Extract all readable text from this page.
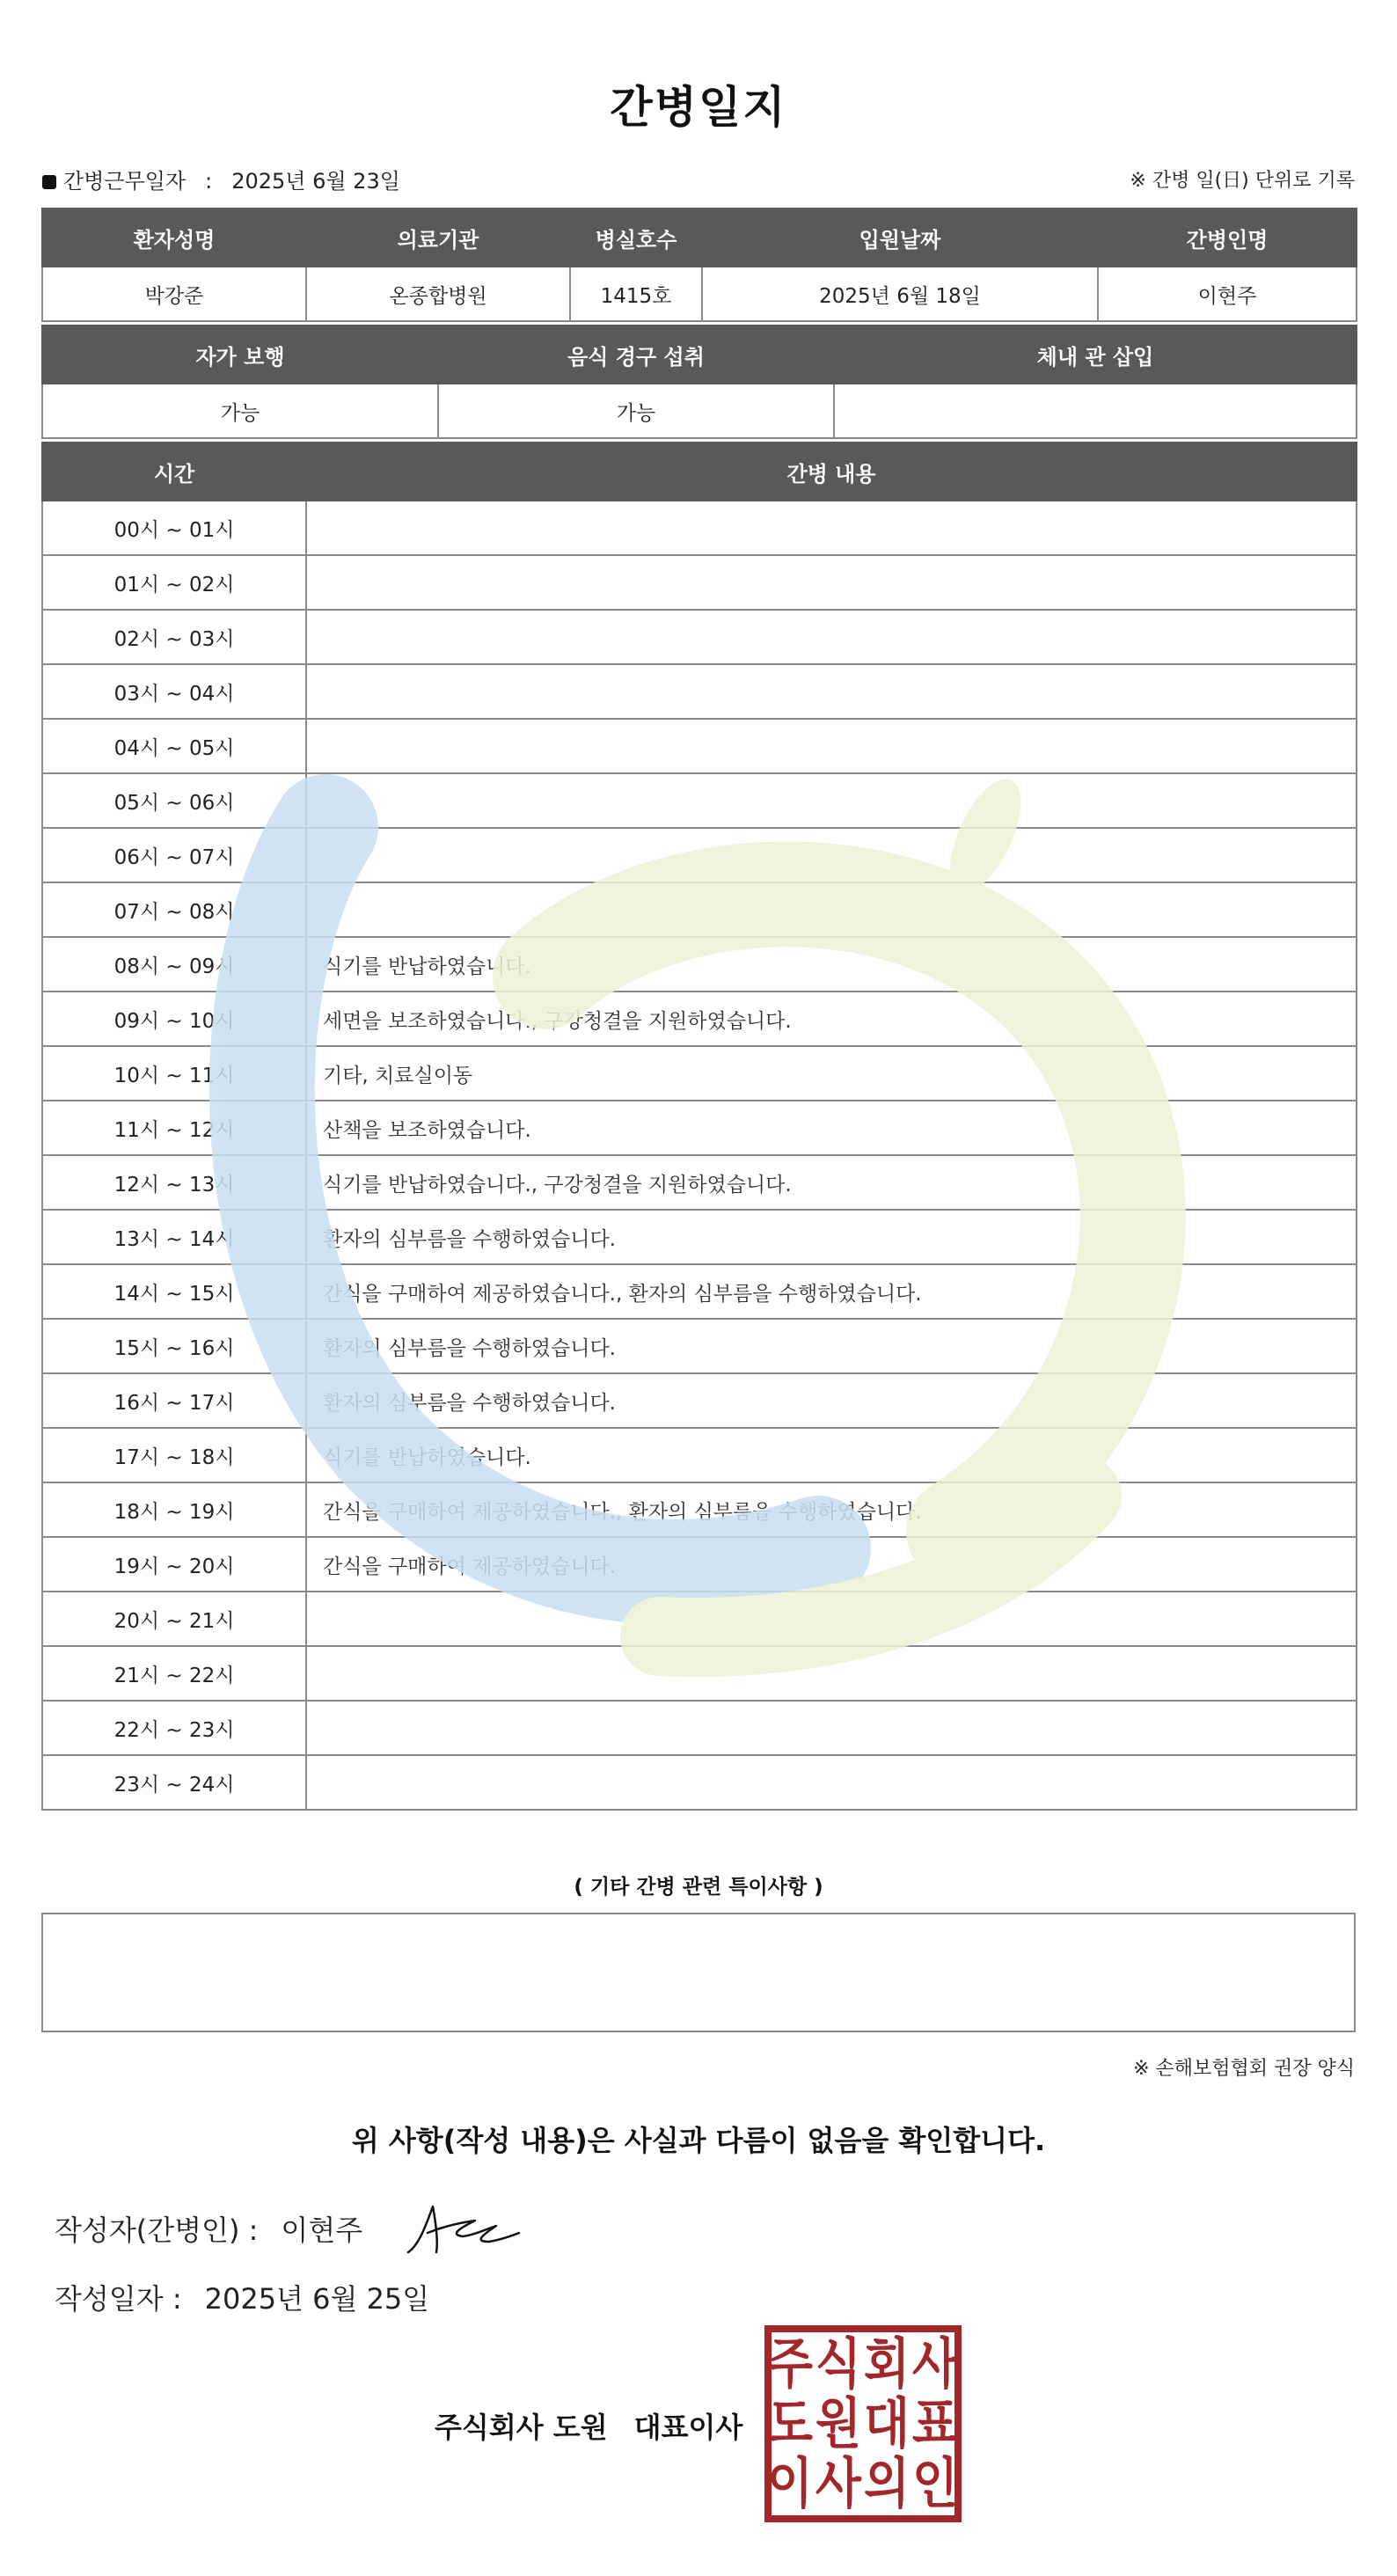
간병일지
간병근무일자 : 2025년 6월 23일	※ 간병 일(日) 단위로 기록
환자성명	의료기관	병실호수	입원날짜	간병인명
박강준	온종합병원	1415호	2025년 6월 18일	이현주
자가 보행	음식 경구 섭취	체내 관 삽입
가능	가능	
시간	간병 내용
00시 ~ 01시	
01시 ~ 02시	
02시 ~ 03시	
03시 ~ 04시	
04시 ~ 05시	
05시 ~ 06시	
06시 ~ 07시	
07시 ~ 08시	
08시 ~ 09시	식기를 반납하였습니다.
09시 ~ 10시	세면을 보조하였습니다., 구강청결을 지원하였습니다.
10시 ~ 11시	기타, 치료실이동
11시 ~ 12시	산책을 보조하였습니다.
12시 ~ 13시	식기를 반납하였습니다., 구강청결을 지원하였습니다.
13시 ~ 14시	환자의 심부름을 수행하였습니다.
14시 ~ 15시	간식을 구매하여 제공하였습니다., 환자의 심부름을 수행하였습니다.
15시 ~ 16시	환자의 심부름을 수행하였습니다.
16시 ~ 17시	환자의 심부름을 수행하였습니다.
17시 ~ 18시	식기를 반납하였습니다.
18시 ~ 19시	간식을 구매하여 제공하였습니다., 환자의 심부름을 수행하였습니다.
19시 ~ 20시	간식을 구매하여 제공하였습니다.
20시 ~ 21시	
21시 ~ 22시	
22시 ~ 23시	
23시 ~ 24시	
( 기타 간병 관련 특이사항 )
※ 손해보험협회 권장 양식
위 사항(작성 내용)은 사실과 다름이 없음을 확인합니다.
작성자(간병인) : 이현주
작성일자 : 2025년 6월 25일
주식회사 도원 대표이사
주 식 회 사
도 원 대 표
이 사 의 인
